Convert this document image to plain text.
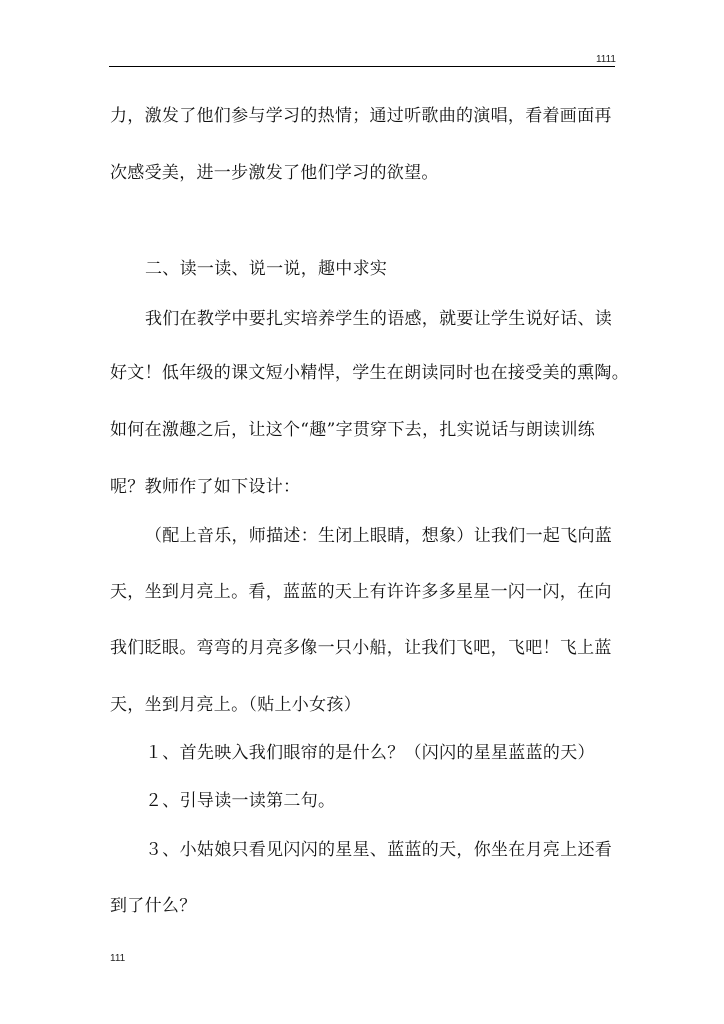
1111
力，激发了他们参与学习的热情；通过听歌曲的演唱，看着画面再
次感受美，进一步激发了他们学习的欲望。
二、读一读、说一说，趣中求实
我们在教学中要扎实培养学生的语感，就要让学生说好话、读
好文！低年级的课文短小精悍，学生在朗读同时也在接受美的熏陶。
如何在激趣之后，让这个“趣”字贯穿下去，扎实说话与朗读训练
呢？教师作了如下设计：
（配上音乐，师描述：生闭上眼睛，想象）让我们一起飞向蓝
天，坐到月亮上。看，蓝蓝的天上有许许多多星星一闪一闪，在向
我们眨眼。弯弯的月亮多像一只小船，让我们飞吧，飞吧！飞上蓝
天，坐到月亮上。（贴上小女孩）
１、首先映入我们眼帘的是什么？（闪闪的星星蓝蓝的天）
２、引导读一读第二句。
３、小姑娘只看见闪闪的星星、蓝蓝的天，你坐在月亮上还看
到了什么？
111
